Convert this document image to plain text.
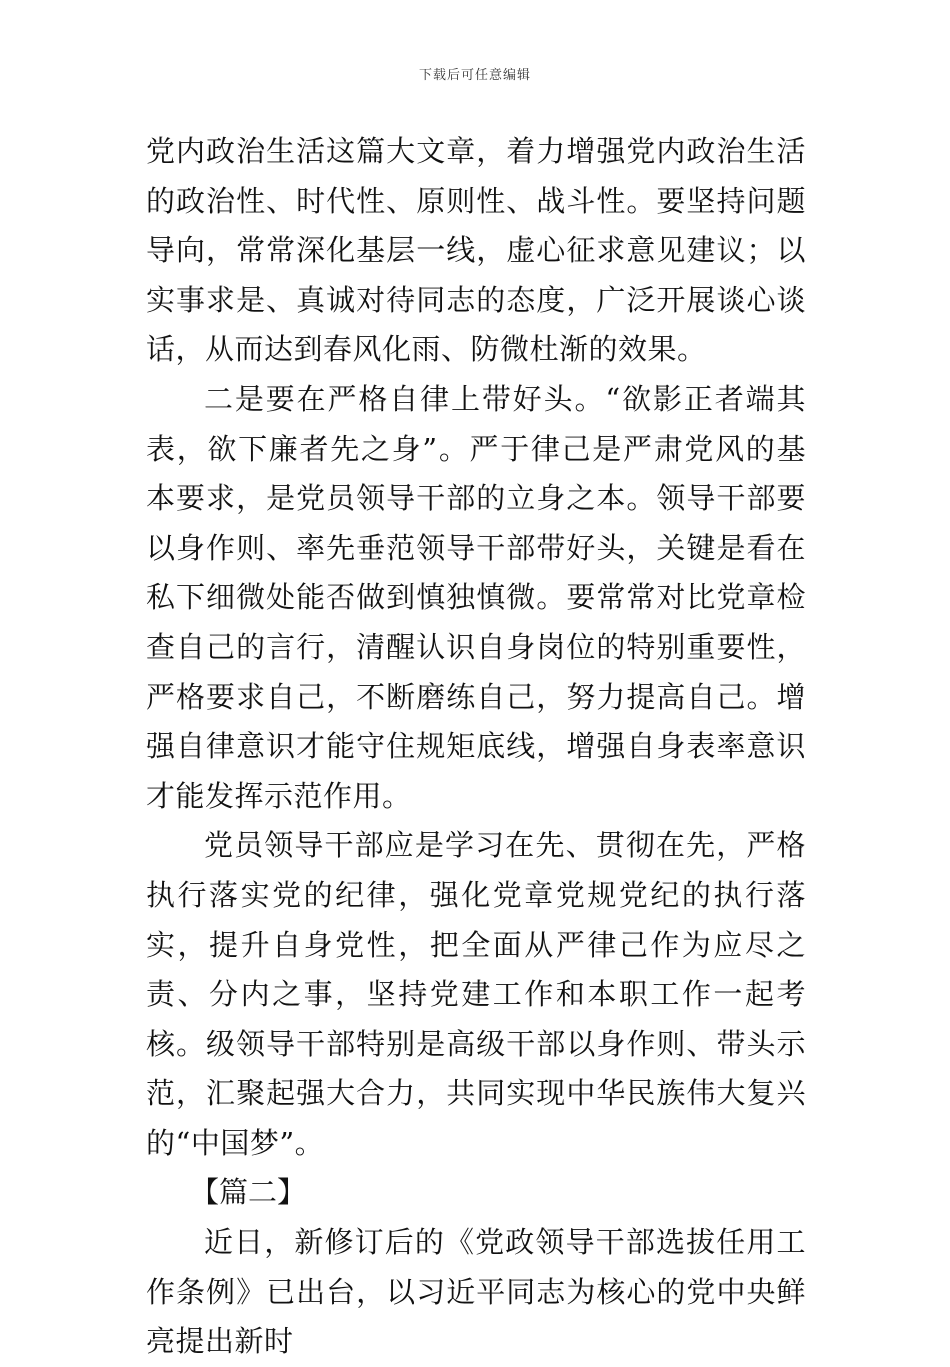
下载后可任意编辑

党内政治生活这篇大文章，着力增强党内政治生活的政治性、时代性、原则性、战斗性。要坚持问题导向，常常深化基层一线，虚心征求意见建议；以实事求是、真诚对待同志的态度，广泛开展谈心谈话，从而达到春风化雨、防微杜渐的效果。

二是要在严格自律上带好头。“欲影正者端其表，欲下廉者先之身”。严于律己是严肃党风的基本要求，是党员领导干部的立身之本。领导干部要以身作则、率先垂范领导干部带好头，关键是看在私下细微处能否做到慎独慎微。要常常对比党章检查自己的言行，清醒认识自身岗位的特别重要性，严格要求自己，不断磨练自己，努力提高自己。增强自律意识才能守住规矩底线，增强自身表率意识才能发挥示范作用。

党员领导干部应是学习在先、贯彻在先，严格执行落实党的纪律，强化党章党规党纪的执行落实，提升自身党性，把全面从严律己作为应尽之责、分内之事，坚持党建工作和本职工作一起考核。级领导干部特别是高级干部以身作则、带头示范，汇聚起强大合力，共同实现中华民族伟大复兴的“中国梦”。

【篇二】

近日，新修订后的《党政领导干部选拔任用工作条例》已出台，以习近平同志为核心的党中央鲜亮提出新时
